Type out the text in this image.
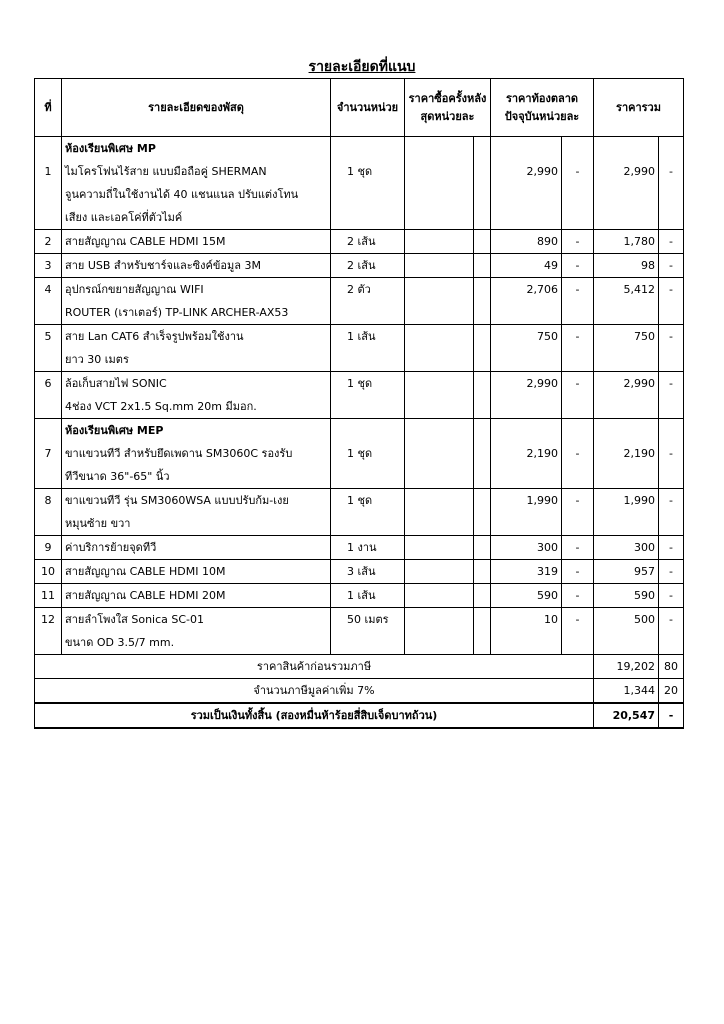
รายละเอียดที่แนบ
ที่	รายละเอียดของพัสดุ	จำนวนหน่วย	ราคาซื้อครั้งหลังสุดหน่วยละ		ราคาท้องตลาดปัจจุบันหน่วยละ		ราคารวม	

1	ห้องเรียนพิเศษ MP
ไมโครโฟนไร้สาย แบบมือถือคู่ SHERMAN
จูนความถี่ในใช้งานได้ 40 แชนแนล ปรับแต่งโทน
เสียง และเอคโค่ที่ตัวไมค์	1 ชุด			2,990	-	2,990	-

2	สายสัญญาณ CABLE HDMI 15M	2 เส้น			890	-	1,780	-

3	สาย USB สำหรับชาร์จและซิงค์ข้อมูล 3M	2 เส้น			49	-	98	-

4	อุปกรณ์กขยายสัญญาณ WIFI
ROUTER (เราเตอร์) TP-LINK ARCHER-AX53	2 ตัว			2,706	-	5,412	-

5	สาย Lan CAT6 สำเร็จรูปพร้อมใช้งาน
ยาว 30 เมตร	1 เส้น			750	-	750	-

6	ล้อเก็บสายไฟ SONIC
4ช่อง VCT 2x1.5 Sq.mm 20m มีมอก.	1 ชุด			2,990	-	2,990	-

7	ห้องเรียนพิเศษ MEP
ขาแขวนทีวี สำหรับยึดเพดาน SM3060C รองรับ
ทีวีขนาด 36"-65" นิ้ว	1 ชุด			2,190	-	2,190	-

8	ขาแขวนทีวี รุ่น SM3060WSA แบบปรับก้ม-เงย
หมุนซ้าย ขวา	1 ชุด			1,990	-	1,990	-

9	ค่าบริการย้ายจุดทีวี	1 งาน			300	-	300	-

10	สายสัญญาณ CABLE HDMI 10M	3 เส้น			319	-	957	-

11	สายสัญญาณ CABLE HDMI 20M	1 เส้น			590	-	590	-

12	สายลำโพงใส Sonica SC-01
ขนาด OD 3.5/7 mm.	50 เมตร			10	-	500	-

ราคาสินค้าก่อนรวมภาษี							19,202	80
จำนวนภาษีมูลค่าเพิ่ม 7%							1,344	20
รวมเป็นเงินทั้งสิ้น (สองหมื่นห้าร้อยสี่สิบเจ็ดบาทถ้วน)							20,547	-
